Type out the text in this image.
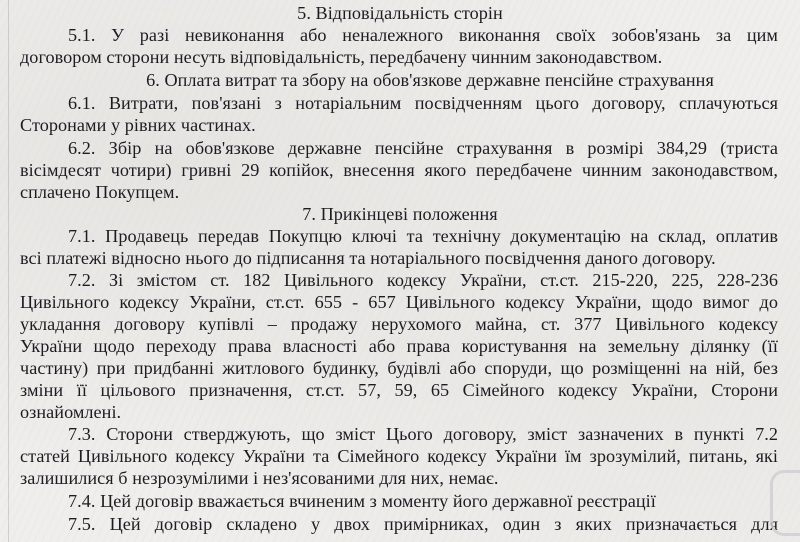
5. Відповідальність сторін
5.1. У разі невиконання або неналежного виконання своїх зобов'язань за цим
договором сторони несуть відповідальність, передбачену чинним законодавством.
6. Оплата витрат та збору на обов'язкове державне пенсійне страхування
6.1. Витрати, пов'язані з нотаріальним посвідченням цього договору, сплачуються
Сторонами у рівних частинах.
6.2. Збір на обов'язкове державне пенсійне страхування в розмірі 384,29 (триста
вісімдесят чотири) гривні 29 копійок, внесення якого передбачене чинним законодавством,
сплачено Покупцем.
7. Прикінцеві положення
7.1. Продавець передав Покупцю ключі та технічну документацію на склад, оплатив
всі платежі відносно нього до підписання та нотаріального посвідчення даного договору.
7.2. Зі змістом ст. 182 Цивільного кодексу України, ст.ст. 215-220, 225, 228-236
Цивільного кодексу України, ст.ст. 655 - 657 Цивільного кодексу України, щодо вимог до
укладання договору купівлі – продажу нерухомого майна, ст. 377 Цивільного кодексу
України щодо переходу права власності або права користування на земельну ділянку (її
частину) при придбанні житлового будинку, будівлі або споруди, що розміщенні на ній, без
зміни її цільового призначення, ст.ст. 57, 59, 65 Сімейного кодексу України, Сторони
ознайомлені.
7.3. Сторони стверджують, що зміст Цього договору, зміст зазначених в пункті 7.2
статей Цивільного кодексу України та Сімейного кодексу України їм зрозумілий, питань, які
залишилися б незрозумілими і нез'ясованими для них, немає.
7.4. Цей договір вважається вчиненим з моменту його державної реєстрації
7.5. Цей договір складено у двох примірниках, один з яких призначається для
